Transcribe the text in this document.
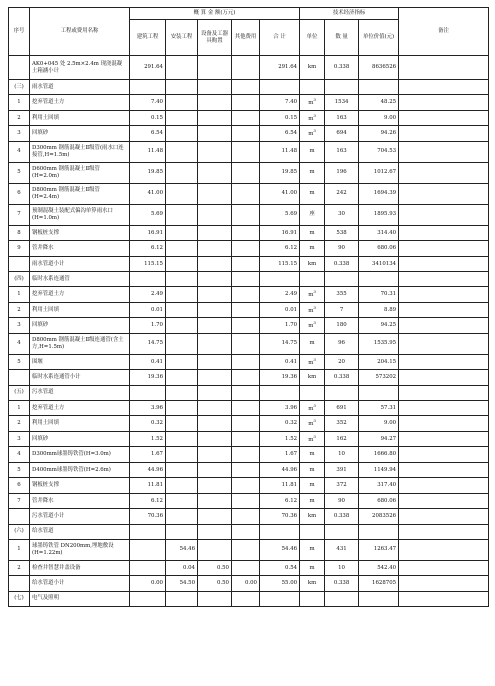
序号	工程或费用名称	概 算 金 额(万元)					技术经济指标			备注
		建筑工程	安装工程	设备及工器具购置	其他费用	合 计	单位	数 量	单位价值(元)	
	AK0+045 处 2.5m×2.4m 现浇混凝土箱涵小计	291.64				291.64	km	0.338	8636526	
(三)	雨水管道									
1	挖弃管道土方	7.40				7.40	$m^3$	1534	48.25	
2	利用土回填	0.15				0.15	$m^3$	163	9.00	
3	回填砂	6.54				6.54	$m^3$	694	94.26	
4	D300mm 钢筋混凝土Ⅱ级管(雨水口连接管,H=1.5m)	11.48				11.48	m	163	704.53	
5	D600mm 钢筋混凝土Ⅱ级管(H=2.0m)	19.85				19.85	m	196	1012.67	
6	D800mm 钢筋混凝土Ⅱ级管(H=2.4m)	41.00				41.00	m	242	1694.39	
7	预制混凝土装配式偏沟单箅雨水口(H=1.0m)	5.69				5.69	座	30	1895.93	
8	钢板桩支撑	16.91				16.91	m	538	314.40	
9	管井降水	6.12				6.12	m	90	680.06	
	雨水管道小计	115.15				115.15	km	0.338	3410134	
(四)	临时水系连通管									
1	挖弃管道土方	2.49				2.49	$m^3$	355	70.31	
2	利用土回填	0.01				0.01	$m^3$	7	8.89	
3	回填砂	1.70				1.70	$m^3$	180	94.25	
4	D800mm 钢筋混凝土Ⅱ级连通管(含土方,H=1.5m)	14.75				14.75	m	96	1535.95	
5	围堰	0.41				0.41	$m^3$	20	204.15	
	临时水系连通管小计	19.36				19.36	km	0.338	573202	
(五)	污水管道									
1	挖弃管道土方	3.96				3.96	$m^3$	691	57.31	
2	利用土回填	0.32				0.32	$m^3$	352	9.00	
3	回填砂	1.52				1.52	$m^3$	162	94.27	
4	D300mm球墨铸铁管(H=3.0m)	1.67				1.67	m	10	1666.80	
5	D400mm球墨铸铁管(H=2.6m)	44.96				44.96	m	391	1149.94	
6	钢板桩支撑	11.81				11.81	m	372	317.40	
7	管井降水	6.12				6.12	m	90	680.06	
	污水管道小计	70.36				70.36	km	0.338	2083526	
(六)	给水管道									
1	球墨铸铁管 DN200mm,埋地敷设(H=1.22m)		54.46			54.46	m	431	1263.47	
2	检查井智慧井盖设备		0.04	0.50		0.54	m	10	542.40	
	给水管道小计	0.00	54.50	0.50	0.00	55.00	km	0.338	1628705	
(七)	电气及照明									
